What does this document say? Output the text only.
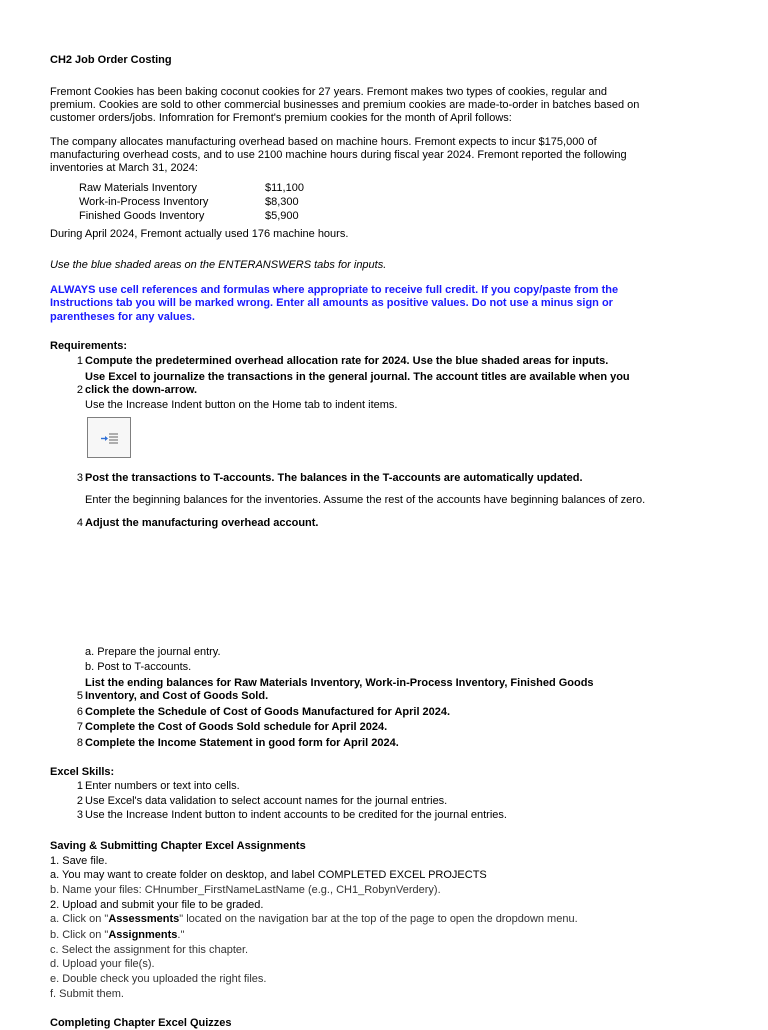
CH2 Job Order Costing
Fremont Cookies has been baking coconut cookies for 27 years. Fremont makes two types of cookies, regular and
premium. Cookies are sold to other commercial businesses and premium cookies are made-to-order in batches based on
customer orders/jobs. Infomration for Fremont's premium cookies for the month of April follows:
The company allocates manufacturing overhead based on machine hours. Fremont expects to incur $175,000 of
manufacturing overhead costs, and to use 2100 machine hours during fiscal year 2024. Fremont reported the following
inventories at March 31, 2024:
Raw Materials Inventory	$11,100
Work-in-Process Inventory	$8,300
Finished Goods Inventory	$5,900
During April 2024, Fremont actually used 176 machine hours.
Use the blue shaded areas on the ENTERANSWERS tabs for inputs.
ALWAYS use cell references and formulas where appropriate to receive full credit. If you copy/paste from the
Instructions tab you will be marked wrong. Enter all amounts as positive values. Do not use a minus sign or
parentheses for any values.
Requirements:
1 Compute the predetermined overhead allocation rate for 2024. Use the blue shaded areas for inputs.
Use Excel to journalize the transactions in the general journal. The account titles are available when you
2 click the down-arrow.
Use the Increase Indent button on the Home tab to indent items.
3 Post the transactions to T-accounts. The balances in the T-accounts are automatically updated.
Enter the beginning balances for the inventories. Assume the rest of the accounts have beginning balances of zero.
4 Adjust the manufacturing overhead account.
a. Prepare the journal entry.
b. Post to T-accounts.
List the ending balances for Raw Materials Inventory, Work-in-Process Inventory, Finished Goods
5 Inventory, and Cost of Goods Sold.
6 Complete the Schedule of Cost of Goods Manufactured for April 2024.
7 Complete the Cost of Goods Sold schedule for April 2024.
8 Complete the Income Statement in good form for April 2024.
Excel Skills:
1 Enter numbers or text into cells.
2 Use Excel's data validation to select account names for the journal entries.
3 Use the Increase Indent button to indent accounts to be credited for the journal entries.
Saving & Submitting Chapter Excel Assignments
1. Save file.
a. You may want to create folder on desktop, and label COMPLETED EXCEL PROJECTS
b. Name your files: CHnumber_FirstNameLastName (e.g., CH1_RobynVerdery).
2. Upload and submit your file to be graded.
a. Click on "Assessments" located on the navigation bar at the top of the page to open the dropdown menu.
b. Click on "Assignments."
c. Select the assignment for this chapter.
d. Upload your file(s).
e. Double check you uploaded the right files.
f. Submit them.
Completing Chapter Excel Quizzes
